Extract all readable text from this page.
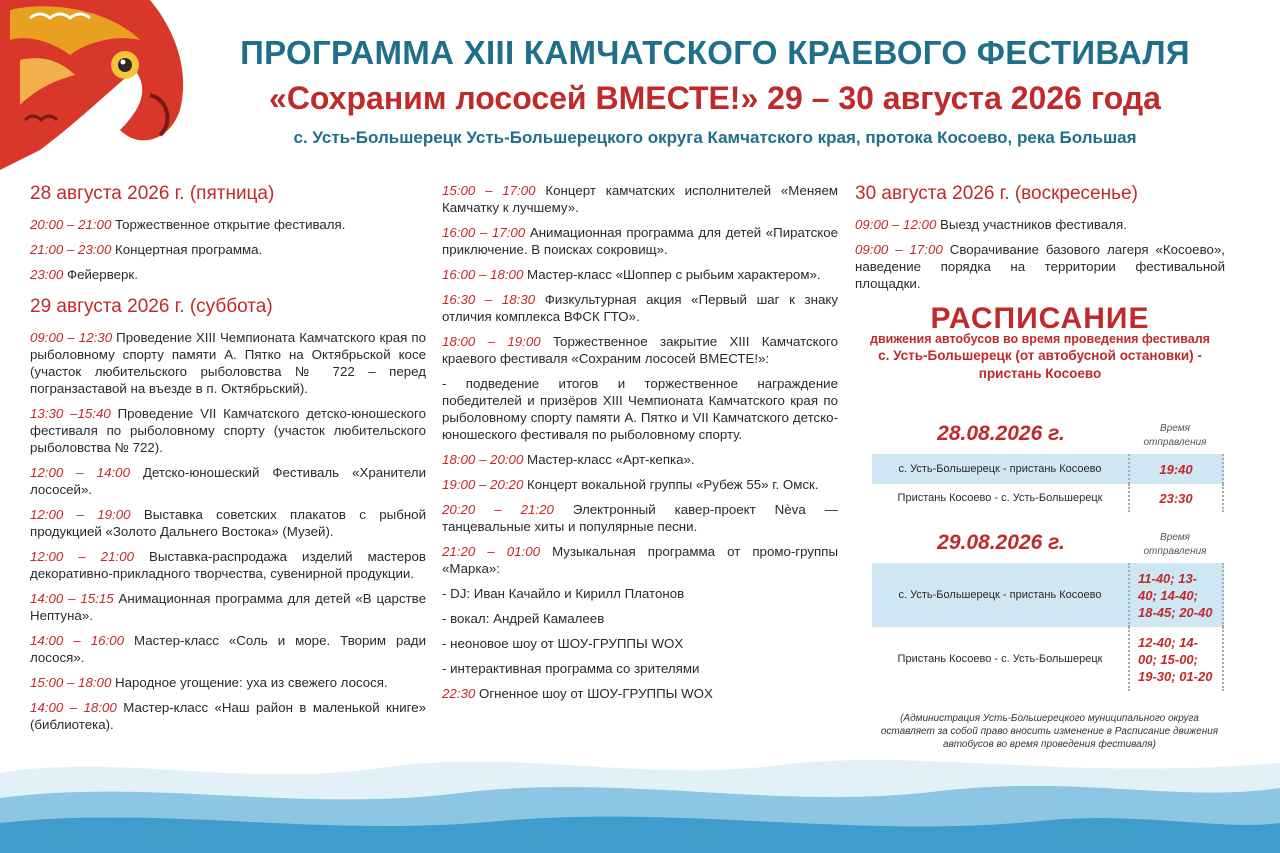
ПРОГРАММА XIII КАМЧАТСКОГО КРАЕВОГО ФЕСТИВАЛЯ
«Сохраним лососей ВМЕСТЕ!» 29 – 30 августа 2026 года
с. Усть-Большерецк Усть-Большерецкого округа Камчатского края, протока Косоево, река Большая
28 августа 2026 г. (пятница)
20:00 – 21:00 Торжественное открытие фестиваля.
21:00 – 23:00 Концертная программа.
23:00 Фейерверк.
29 августа 2026 г. (суббота)
09:00 – 12:30 Проведение XIII Чемпионата Камчатского края по рыболовному спорту памяти А. Пятко на Октябрьской косе (участок любительского рыболовства № 722 – перед погранзаставой на въезде в п. Октябрьский).
13:30 –15:40 Проведение VII Камчатского детско-юношеского фестиваля по рыболовному спорту (участок любительского рыболовства № 722).
12:00 – 14:00 Детско-юношеский Фестиваль «Хранители лососей».
12:00 – 19:00 Выставка советских плакатов с рыбной продукцией «Золото Дальнего Востока» (Музей).
12:00 – 21:00 Выставка-распродажа изделий мастеров декоративно-прикладного творчества, сувенирной продукции.
14:00 – 15:15 Анимационная программа для детей «В царстве Нептуна».
14:00 – 16:00 Мастер-класс «Соль и море. Творим ради лосося».
15:00 – 18:00 Народное угощение: уха из свежего лосося.
14:00 – 18:00 Мастер-класс «Наш район в маленькой книге» (библиотека).
15:00 – 17:00 Концерт камчатских исполнителей «Меняем Камчатку к лучшему».
16:00 – 17:00 Анимационная программа для детей «Пиратское приключение. В поисках сокровищ».
16:00 – 18:00 Мастер-класс «Шоппер с рыбьим характером».
16:30 – 18:30 Физкультурная акция «Первый шаг к знаку отличия комплекса ВФСК ГТО».
18:00 – 19:00 Торжественное закрытие XIII Камчатского краевого фестиваля «Сохраним лососей ВМЕСТЕ!»:
- подведение итогов и торжественное награждение победителей и призёров XIII Чемпионата Камчатского края по рыболовному спорту памяти А. Пятко и VII Камчатского детско-юношеского фестиваля по рыболовному спорту.
18:00 – 20:00 Мастер-класс «Арт-кепка».
19:00 – 20:20 Концерт вокальной группы «Рубеж 55» г. Омск.
20:20 – 21:20 Электронный кавер-проект Nèva — танцевальные хиты и популярные песни.
21:20 – 01:00 Музыкальная программа от промо-группы «Марка»:
- DJ: Иван Качайло и Кирилл Платонов
- вокал: Андрей Камалеев
- неоновое шоу от ШОУ-ГРУППЫ WOX
- интерактивная программа со зрителями
22:30 Огненное шоу от ШОУ-ГРУППЫ WOX
30 августа 2026 г. (воскресенье)
09:00 – 12:00 Выезд участников фестиваля.
09:00 – 17:00 Сворачивание базового лагеря «Косоево», наведение порядка на территории фестивальной площадки.
РАСПИСАНИЕ
движения автобусов во время проведения фестиваля
с. Усть-Большерецк (от автобусной остановки) - пристань Косоево
28.08.2026 г.	Время отправления
с. Усть-Большерецк - пристань Косоево	19:40
Пристань Косоево - с. Усть-Большерецк	23:30
29.08.2026 г.	Время отправления
с. Усть-Большерецк - пристань Косоево
11-40; 13-40; 14-40; 18-45; 20-40
Пристань Косоево - с. Усть-Большерецк
12-40; 14-00; 15-00; 19-30; 01-20
(Администрация Усть-Большерецкого муниципального округа оставляет за собой право вносить изменение в Расписание движения автобусов во время проведения фестиваля)
